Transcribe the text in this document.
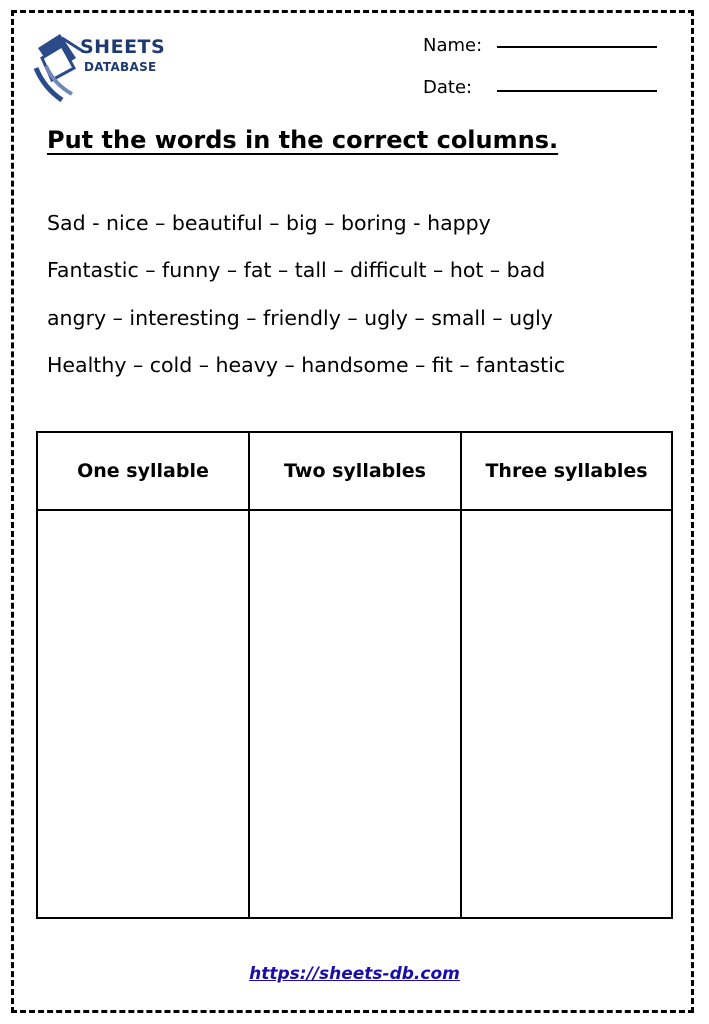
SHEETS
DATABASE
Name:
Date:
Put the words in the correct columns.
Sad - nice – beautiful – big – boring - happy
Fantastic – funny – fat – tall – difficult – hot – bad
angry – interesting – friendly – ugly – small – ugly
Healthy – cold – heavy – handsome – fit – fantastic
One syllable	Two syllables	Three syllables
https://sheets-db.com
